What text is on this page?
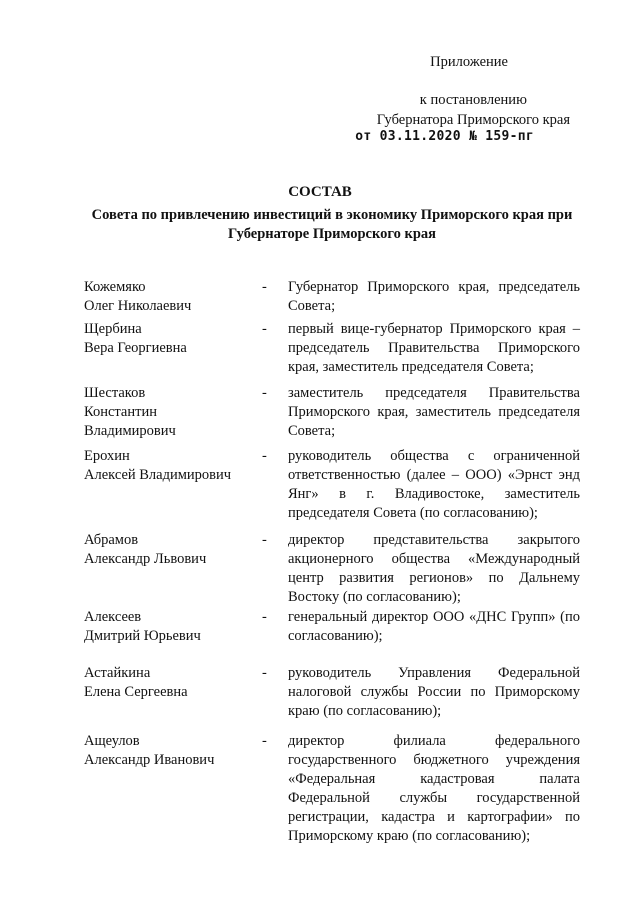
Приложение
к постановлению
Губернатора Приморского края
от 03.11.2020 № 159-пг
СОСТАВ
Совета по привлечению инвестиций в экономику Приморского края при
Губернаторе Приморского края
Кожемяко
Олег Николаевич
-	Губернатор Приморского края, председатель Совета;
Щербина
Вера Георгиевна
-	первый вице-губернатор Приморского края – председатель Правительства Приморского края, заместитель председателя Совета;
Шестаков
Константин
Владимирович
-	заместитель председателя Правительства Приморского края, заместитель председателя Совета;
Ерохин
Алексей Владимирович
-	руководитель общества с ограниченной ответственностью (далее – ООО) «Эрнст энд Янг» в г. Владивостоке, заместитель председателя Совета (по согласованию);
Абрамов
Александр Львович
-	директор представительства закрытого акционерного общества «Международный центр развития регионов» по Дальнему Востоку (по согласованию);
Алексеев
Дмитрий Юрьевич
-	генеральный директор ООО «ДНС Групп» (по согласованию);
Астайкина
Елена Сергеевна
-	руководитель Управления Федеральной налоговой службы России по Приморскому краю (по согласованию);
Ащеулов
Александр Иванович
-	директор филиала федерального государственного бюджетного учреждения «Федеральная кадастровая палата Федеральной службы государственной регистрации, кадастра и картографии» по Приморскому краю (по согласованию);
